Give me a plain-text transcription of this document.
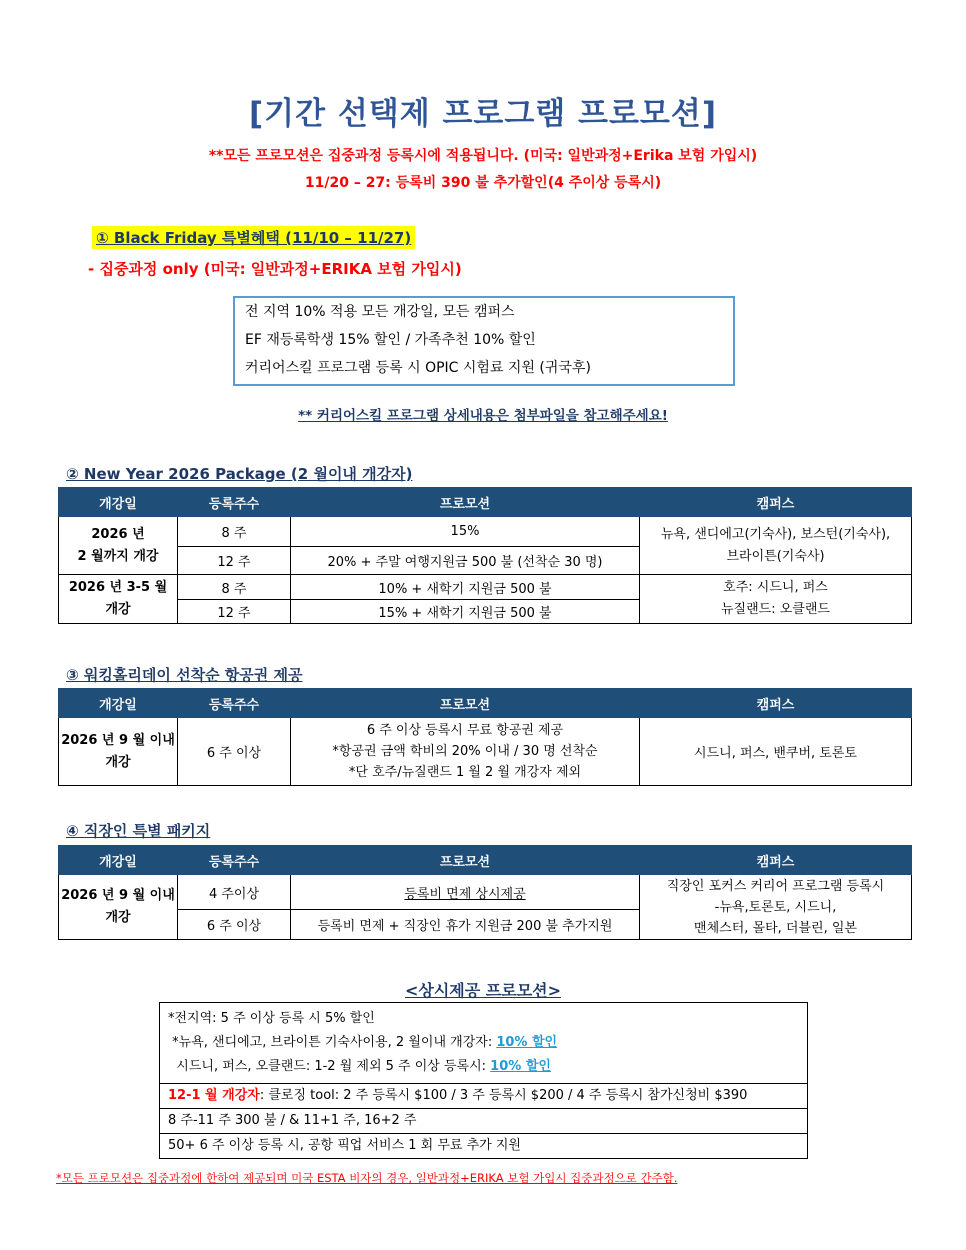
[기간 선택제 프로그램 프로모션]
**모든 프로모션은 집중과정 등록시에 적용됩니다. (미국: 일반과정+Erika 보험 가입시)
11/20 – 27: 등록비 390 불 추가할인(4 주이상 등록시)
① Black Friday 특별혜택 (11/10 – 11/27)
- 집중과정 only (미국: 일반과정+ERIKA 보험 가입시)
전 지역 10% 적용 모든 개강일, 모든 캠퍼스
EF 재등록학생 15% 할인 / 가족추천 10% 할인
커리어스킬 프로그램 등록 시 OPIC 시험료 지원 (귀국후)
** 커리어스킬 프로그램 상세내용은 첨부파일을 참고해주세요!
② New Year 2026 Package (2 월이내 개강자)
개강일	등록주수	프로모션	캠퍼스
2026 년
2 월까지 개강	8 주	15%	뉴욕, 샌디에고(기숙사), 보스턴(기숙사),
브라이튼(기숙사)
	12 주	20% + 주말 여행지원금 500 불 (선착순 30 명)	
2026 년 3-5 월
개강	8 주	10% + 새학기 지원금 500 불	호주: 시드니, 퍼스
뉴질랜드: 오클랜드
	12 주	15% + 새학기 지원금 500 불	
③ 워킹홀리데이 선착순 항공권 제공
개강일	등록주수	프로모션	캠퍼스
2026 년 9 월 이내
개강	6 주 이상	6 주 이상 등록시 무료 항공권 제공
*항공권 금액 학비의 20% 이내 / 30 명 선착순
*단 호주/뉴질랜드 1 월 2 월 개강자 제외	시드니, 퍼스, 밴쿠버, 토론토
④ 직장인 특별 패키지
개강일	등록주수	프로모션	캠퍼스
2026 년 9 월 이내
개강	4 주이상	등록비 면제 상시제공	직장인 포커스 커리어 프로그램 등록시
-뉴욕,토론토, 시드니,
맨체스터, 몰타, 더블린, 일본
	6 주 이상	등록비 면제 + 직장인 휴가 지원금 200 불 추가지원	
<상시제공 프로모션>
*전지역: 5 주 이상 등록 시 5% 할인
*뉴욕, 샌디에고, 브라이튼 기숙사이용, 2 월이내 개강자: 10% 할인
시드니, 퍼스, 오클랜드: 1-2 월 제외 5 주 이상 등록시: 10% 할인
12-1 월 개강자: 클로징 tool: 2 주 등록시 $100 / 3 주 등록시 $200 / 4 주 등록시 참가신청비 $390
8 주-11 주 300 불 / & 11+1 주, 16+2 주
50+ 6 주 이상 등록 시, 공항 픽업 서비스 1 회 무료 추가 지원
*모든 프로모션은 집중과정에 한하여 제공되며 미국 ESTA 비자의 경우, 일반과정+ERIKA 보험 가입시 집중과정으로 간주함.
